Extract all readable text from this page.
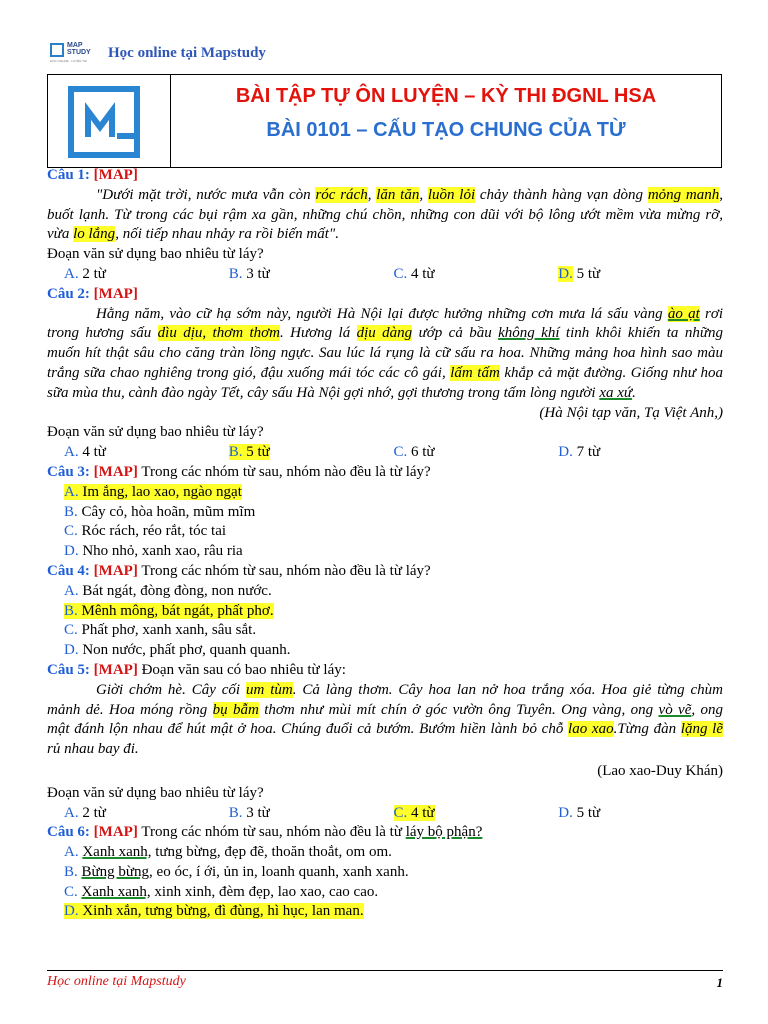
MAP STUDY
HỌC ONLINE · LUYỆN THI
Học online tại Mapstudy
BÀI TẬP TỰ ÔN LUYỆN – KỲ THI ĐGNL HSA
BÀI 0101 – CẤU TẠO CHUNG CỦA TỪ
Câu 1: [MAP]
"Dưới mặt trời, nước mưa vẫn còn róc rách, lăn tăn, luồn lỏi chảy thành hàng vạn dòng mỏng manh,
buốt lạnh. Từ trong các bụi rậm xa gần, những chú chồn, những con dũi với bộ lông ướt mềm vừa mừng rỡ,
vừa lo lắng, nối tiếp nhau nhảy ra rồi biến mất".
Đoạn văn sử dụng bao nhiêu từ láy?
A. 2 từ	B. 3 từ	C. 4 từ	D. 5 từ
Câu 2: [MAP]
Hằng năm, vào cữ hạ sớm này, người Hà Nội lại được hưởng những cơn mưa lá sấu vàng ào ạt rơi
trong hương sấu dìu dịu, thơm thơm. Hương lá dịu dàng ướp cả bầu không khí tinh khôi khiến ta những
muốn hít thật sâu cho căng tràn lồng ngực. Sau lúc lá rụng là cữ sấu ra hoa. Những mảng hoa hình sao màu
trắng sữa chao nghiêng trong gió, đậu xuống mái tóc các cô gái, lấm tấm khắp cả mặt đường. Giống như hoa
sữa mùa thu, cành đào ngày Tết, cây sấu Hà Nội gợi nhớ, gợi thương trong tấm lòng người xa xứ.
(Hà Nội tạp văn, Tạ Việt Anh,)
Đoạn văn sử dụng bao nhiêu từ láy?
A. 4 từ	B. 5 từ	C. 6 từ	D. 7 từ
Câu 3: [MAP] Trong các nhóm từ sau, nhóm nào đều là từ láy?
A. Im ắng, lao xao, ngào ngạt
B. Cây cỏ, hòa hoãn, mũm mĩm
C. Róc rách, réo rắt, tóc tai
D. Nho nhỏ, xanh xao, râu ria
Câu 4: [MAP] Trong các nhóm từ sau, nhóm nào đều là từ láy?
A. Bát ngát, đòng đòng, non nước.
B. Mênh mông, bát ngát, phất phơ.
C. Phất phơ, xanh xanh, sâu sắt.
D. Non nước, phất phơ, quanh quanh.
Câu 5: [MAP] Đoạn văn sau có bao nhiêu từ láy:
Giời chớm hè. Cây cối um tùm. Cả làng thơm. Cây hoa lan nở hoa trắng xóa. Hoa giẻ từng chùm
mảnh dẻ. Hoa móng rồng bụ bẫm thơm như mùi mít chín ở góc vườn ông Tuyên. Ong vàng, ong vò vẽ, ong
mật đánh lộn nhau để hút mật ở hoa. Chúng đuổi cả bướm. Bướm hiền lành bỏ chỗ lao xao.Từng đàn lặng lẽ
rủ nhau bay đi.
(Lao xao-Duy Khán)
Đoạn văn sử dụng bao nhiêu từ láy?
A. 2 từ	B. 3 từ	C. 4 từ	D. 5 từ
Câu 6: [MAP] Trong các nhóm từ sau, nhóm nào đều là từ láy bộ phận?
A. Xanh xanh, tưng bừng, đẹp đẽ, thoăn thoắt, om om.
B. Bừng bừng, eo óc, í ới, ủn in, loanh quanh, xanh xanh.
C. Xanh xanh, xinh xinh, đèm đẹp, lao xao, cao cao.
D. Xinh xắn, tưng bừng, đì đùng, hì hục, lan man.
Học online tại Mapstudy	1
